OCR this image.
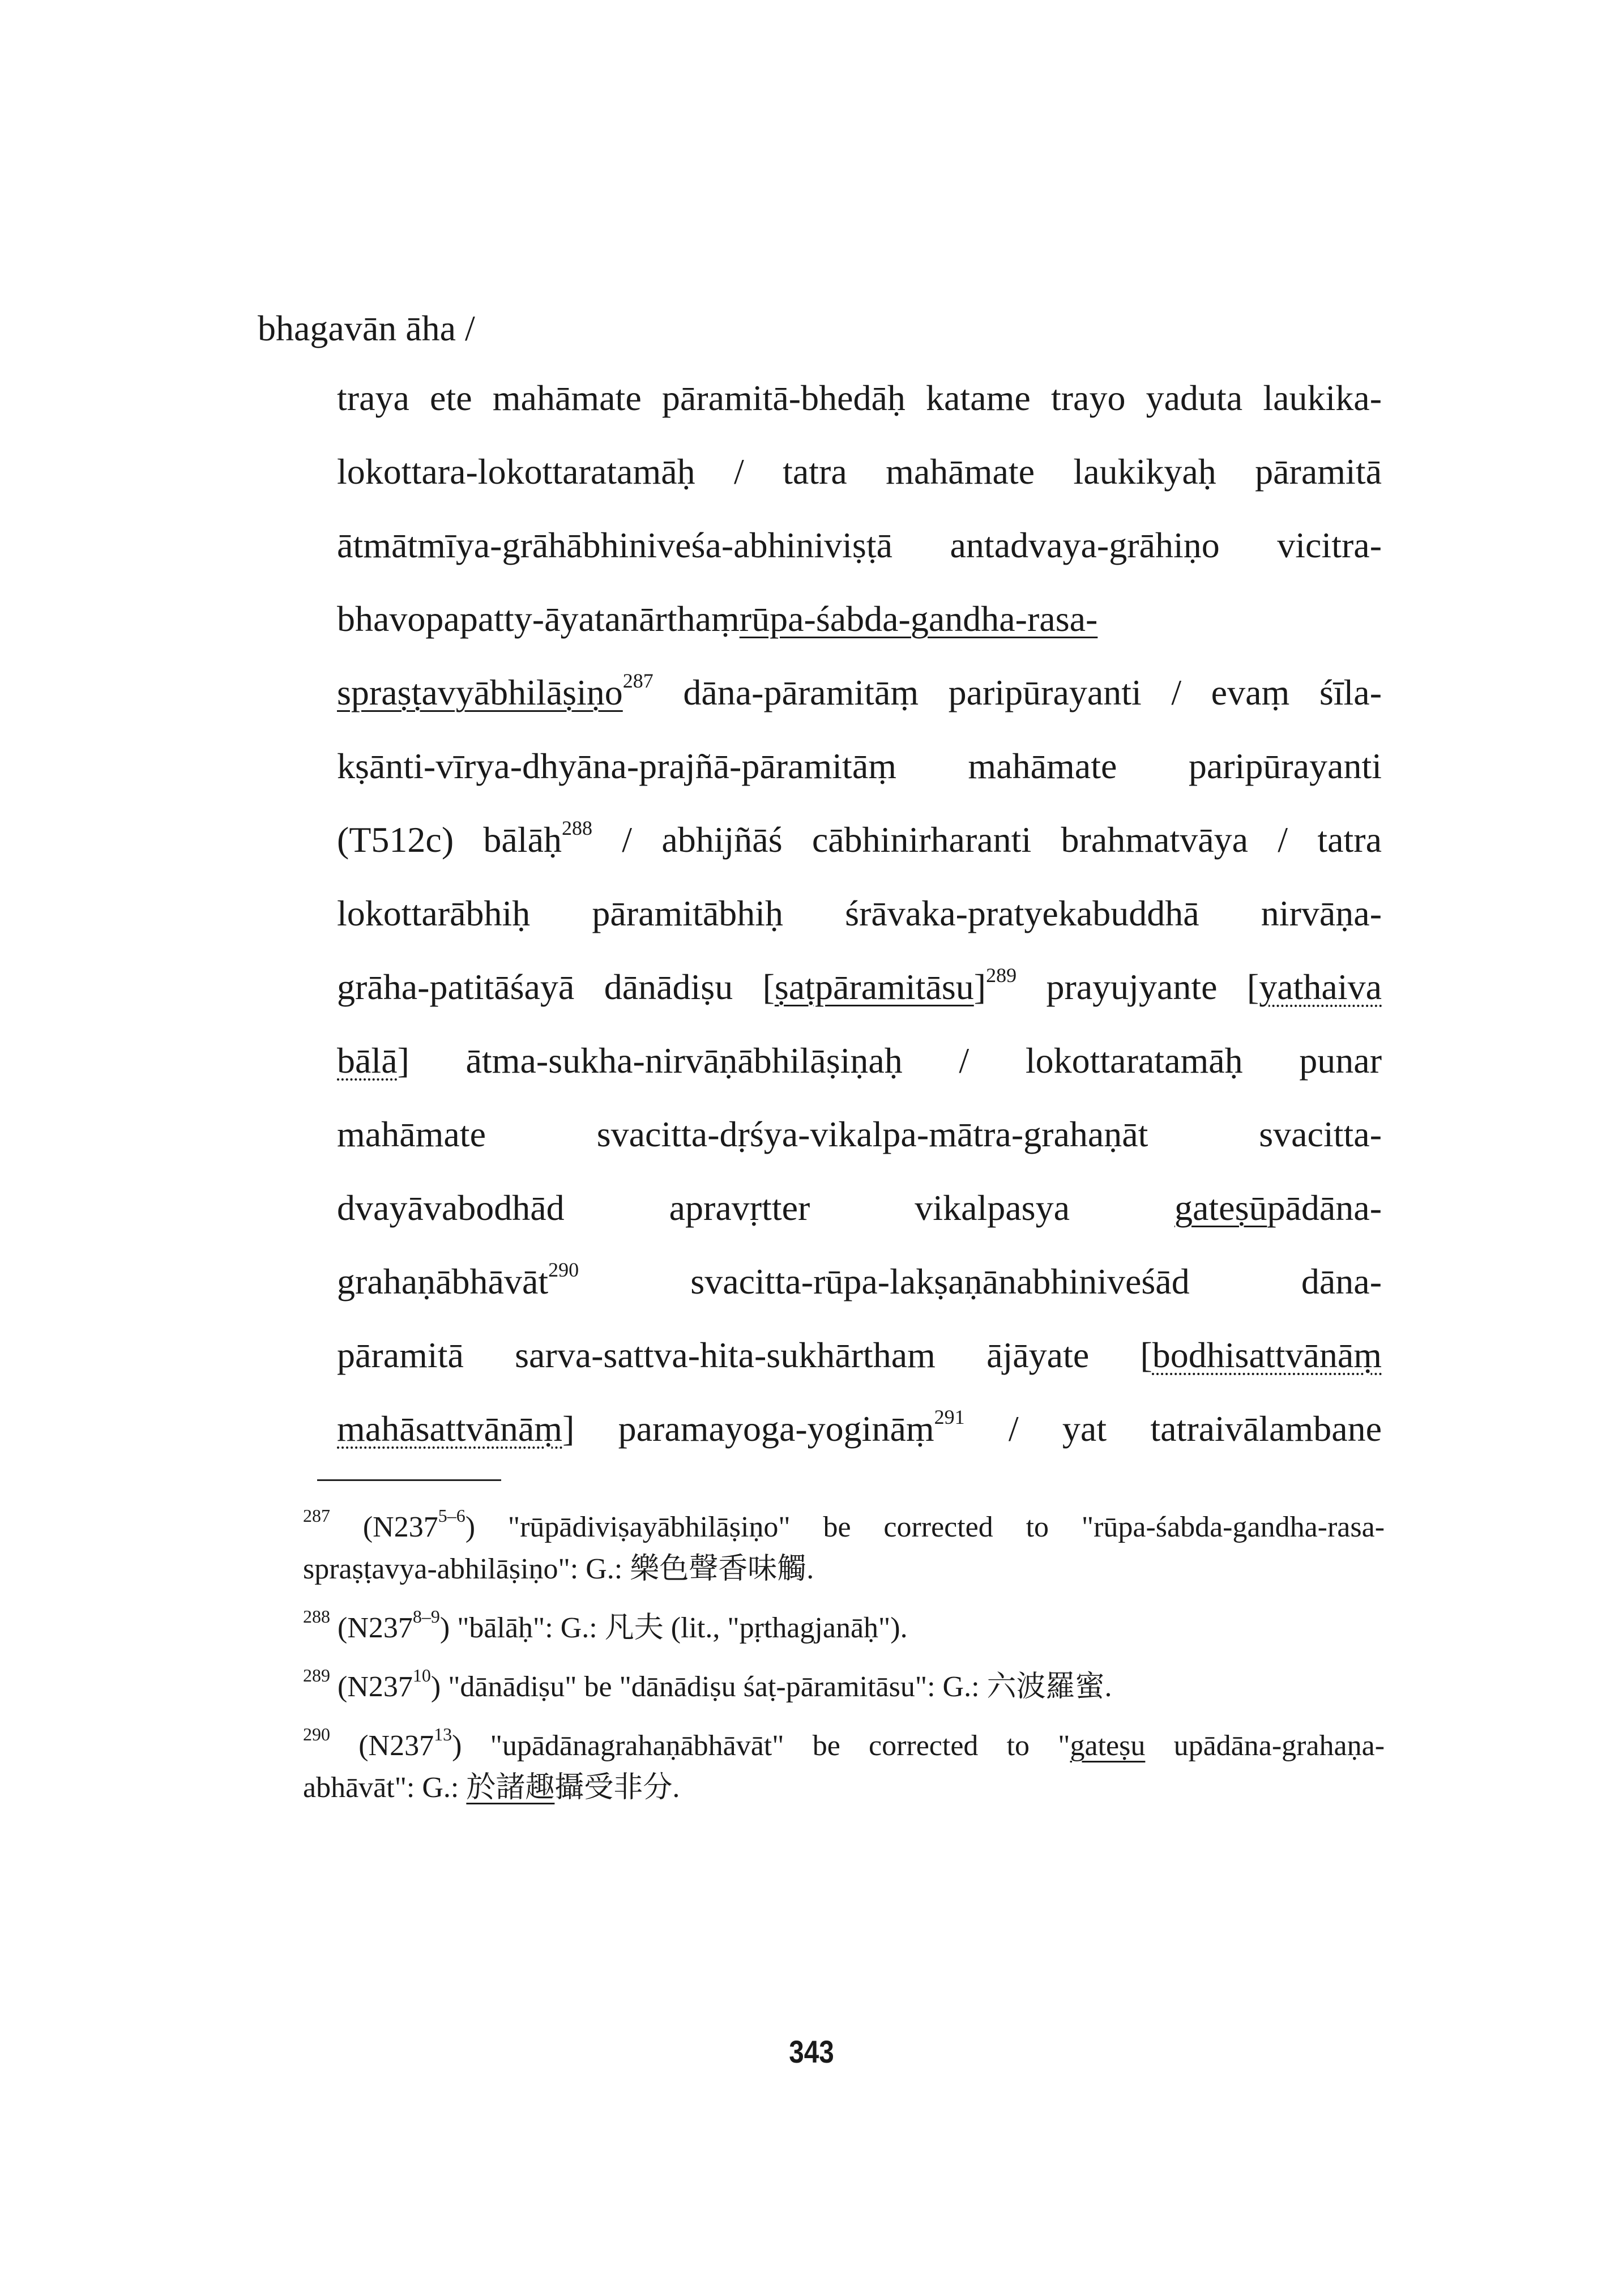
bhagavān āha /

traya ete mahāmate pāramitā-bhedāḥ katame trayo yaduta laukika-
lokottara-lokottaratamāḥ / tatra mahāmate laukikyaḥ pāramitā
ātmātmīya-grāhābhiniveśa-abhiniviṣṭā antadvaya-grāhiṇo vicitra-
bhavopapatty-āyatanārthaṃrūpa-śabda-gandha-rasa-
spraṣṭavyābhilāṣiṇo$^{287}$ dāna-pāramitāṃ paripūrayanti / evaṃ śīla-
kṣānti-vīrya-dhyāna-prajñā-pāramitāṃ mahāmate paripūrayanti
(T512c) bālāḥ$^{288}$ / abhijñāś cābhinirharanti brahmatvāya / tatra
lokottarābhiḥ pāramitābhiḥ śrāvaka-pratyekabuddhā nirvāṇa-
grāha-patitāśayā dānādiṣu [ṣaṭpāramitāsu]$^{289}$ prayujyante [yathaiva
bālā] ātma-sukha-nirvāṇābhilāṣiṇaḥ / lokottaratamāḥ punar
mahāmate svacitta-dṛśya-vikalpa-mātra-grahaṇāt svacitta-
dvayāvabodhād apravṛtter vikalpasya gateṣūpādāna-
grahaṇābhāvāt$^{290}$ svacitta-rūpa-lakṣaṇānabhiniveśād dāna-
pāramitā sarva-sattva-hita-sukhārtham ājāyate [bodhisattvānāṃ
mahāsattvānāṃ] paramayoga-yogināṃ$^{291}$ / yat tatraivālambane
$^{287}$ (N237$^{5-6}$) "rūpādiviṣayābhilāṣiṇo" be corrected to "rūpa-śabda-gandha-rasa-
spraṣṭavya-abhilāṣiṇo": G.: 樂色聲香味觸.
$^{288}$ (N237$^{8-9}$) "bālāḥ": G.: 凡夫 (lit., "pṛthagjanāḥ").
$^{289}$ (N237$^{10}$) "dānādiṣu" be "dānādiṣu śaṭ-pāramitāsu": G.: 六波羅蜜.
$^{290}$ (N237$^{13}$) "upādānagrahaṇābhāvāt" be corrected to "gateṣu upādāna-grahaṇa-
abhāvāt": G.: 於諸趣攝受非分.
343
